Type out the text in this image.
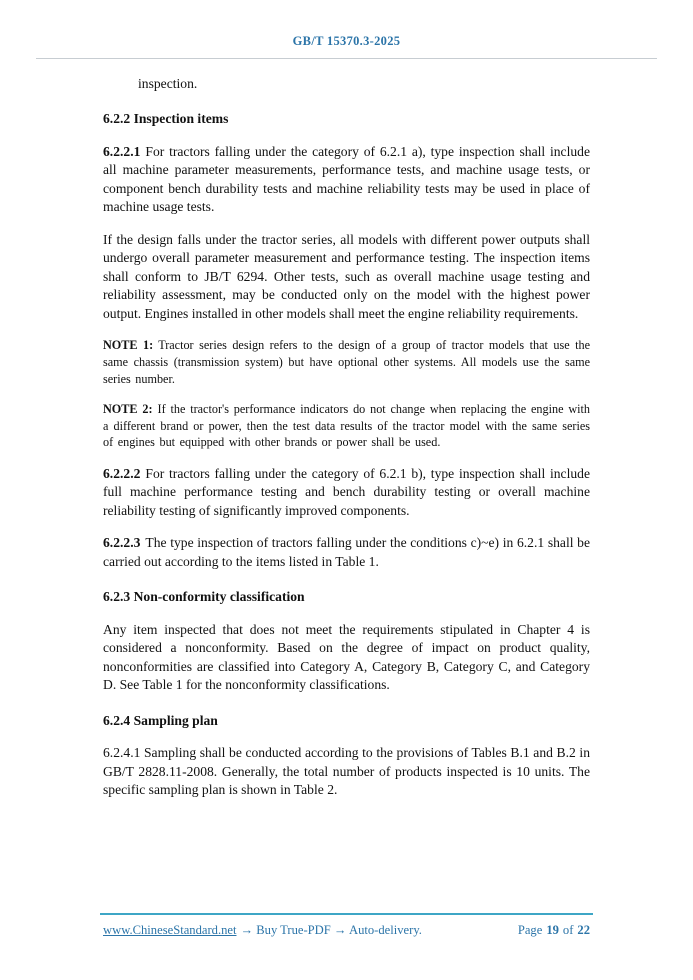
GB/T 15370.3-2025

inspection.

6.2.2 Inspection items

6.2.2.1 For tractors falling under the category of 6.2.1 a), type inspection shall include all machine parameter measurements, performance tests, and machine usage tests, or component bench durability tests and machine reliability tests may be used in place of machine usage tests.

If the design falls under the tractor series, all models with different power outputs shall undergo overall parameter measurement and performance testing. The inspection items shall conform to JB/T 6294. Other tests, such as overall machine usage testing and reliability assessment, may be conducted only on the model with the highest power output. Engines installed in other models shall meet the engine reliability requirements.

NOTE 1: Tractor series design refers to the design of a group of tractor models that use the same chassis (transmission system) but have optional other systems. All models use the same series number.

NOTE 2: If the tractor's performance indicators do not change when replacing the engine with a different brand or power, then the test data results of the tractor model with the same series of engines but equipped with other brands or power shall be used.

6.2.2.2 For tractors falling under the category of 6.2.1 b), type inspection shall include full machine performance testing and bench durability testing or overall machine reliability testing of significantly improved components.

6.2.2.3 The type inspection of tractors falling under the conditions c)~e) in 6.2.1 shall be carried out according to the items listed in Table 1.

6.2.3 Non-conformity classification

Any item inspected that does not meet the requirements stipulated in Chapter 4 is considered a nonconformity. Based on the degree of impact on product quality, nonconformities are classified into Category A, Category B, Category C, and Category D. See Table 1 for the nonconformity classifications.

6.2.4 Sampling plan

6.2.4.1 Sampling shall be conducted according to the provisions of Tables B.1 and B.2 in GB/T 2828.11-2008. Generally, the total number of products inspected is 10 units. The specific sampling plan is shown in Table 2.

www.ChineseStandard.net → Buy True-PDF → Auto-delivery.	Page 19 of 22
